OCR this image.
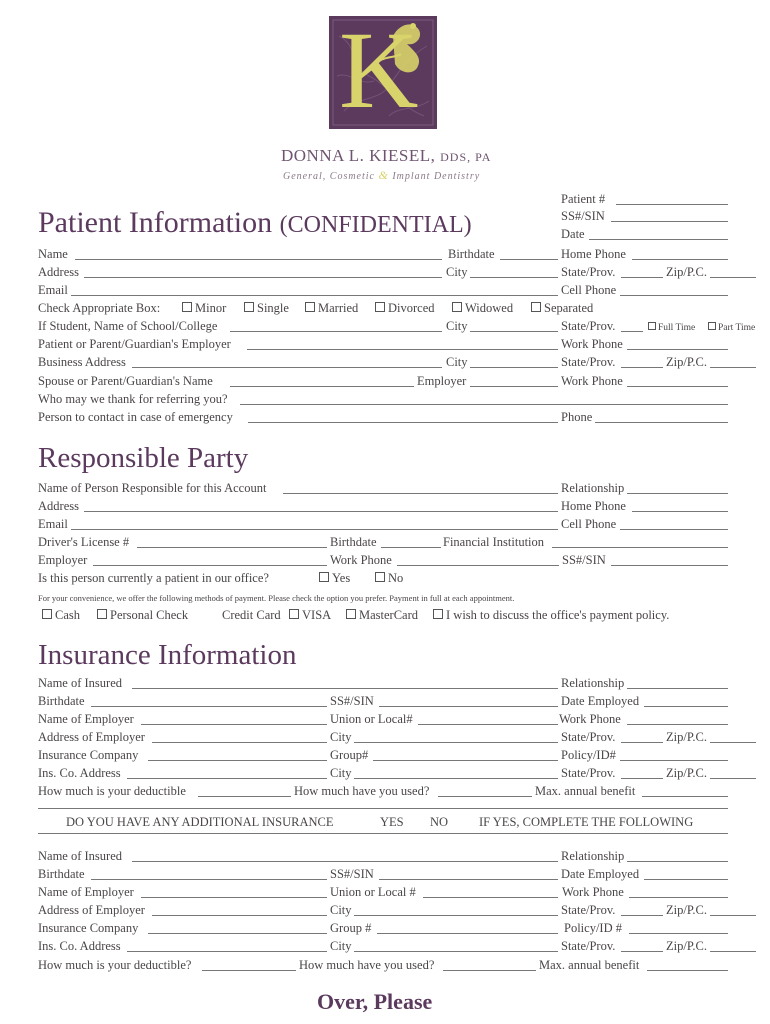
K
DONNA L. KIESEL, DDS, PA
General, Cosmetic & Implant Dentistry
Patient #
SS#/SIN
Date
Patient Information (CONFIDENTIAL)
Name	Birthdate	Home Phone
Address	City	State/Prov.	Zip/P.C.
Email	Cell Phone
Check Appropriate Box:	Minor	Single	Married	Divorced	Widowed	Separated
If Student, Name of School/College	City	State/Prov.	Full Time	Part Time
Patient or Parent/Guardian's Employer	Work Phone
Business Address	City	State/Prov.	Zip/P.C.
Spouse or Parent/Guardian's Name	Employer	Work Phone
Who may we thank for referring you?
Person to contact in case of emergency	Phone
Responsible Party
Name of Person Responsible for this Account	Relationship
Address	Home Phone
Email	Cell Phone
Driver's License #	Birthdate	Financial Institution
Employer	Work Phone	SS#/SIN
Is this person currently a patient in our office?	Yes	No
For your convenience, we offer the following methods of payment. Please check the option you prefer. Payment in full at each appointment.
Cash	Personal Check	Credit Card	VISA	MasterCard	I wish to discuss the office's payment policy.
Insurance Information
Name of Insured	Relationship
Birthdate	SS#/SIN	Date Employed
Name of Employer	Union or Local#	Work Phone
Address of Employer	City	State/Prov.	Zip/P.C.
Insurance Company	Group#	Policy/ID#
Ins. Co. Address	City	State/Prov.	Zip/P.C.
How much is your deductible	How much have you used?	Max. annual benefit
DO YOU HAVE ANY ADDITIONAL INSURANCE	YES NO IF YES, COMPLETE THE FOLLOWING
Name of Insured	Relationship
Birthdate	SS#/SIN	Date Employed
Name of Employer	Union or Local #	Work Phone
Address of Employer	City	State/Prov.	Zip/P.C.
Insurance Company	Group #	Policy/ID #
Ins. Co. Address	City	State/Prov.	Zip/P.C.
How much is your deductible?	How much have you used?	Max. annual benefit
Over, Please
